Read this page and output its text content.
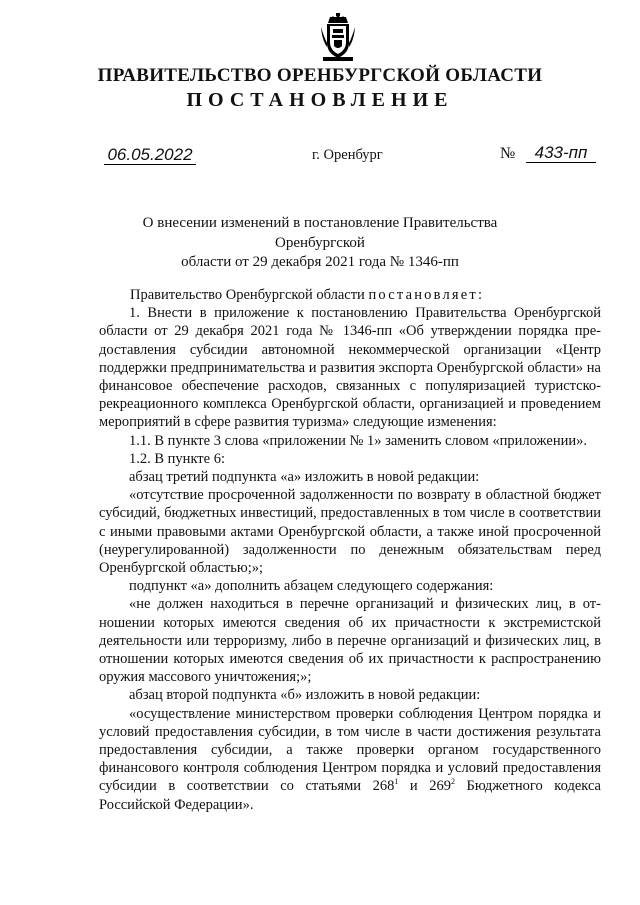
ПРАВИТЕЛЬСТВО ОРЕНБУРГСКОЙ ОБЛАСТИ
ПОСТАНОВЛЕНИЕ
06.05.2022	г. Оренбург	№	433-пп
О внесении изменений в постановление Правительства Оренбургской
области от 29 декабря 2021 года № 1346-пп

Правительство Оренбургской области постановляет:

1. Внести в приложение к постановлению Правительства Оренбургской области от 29 декабря 2021 года № 1346-пп «Об утверждении порядка предоставления субсидии автономной некоммерческой организации «Центр поддержки предпринимательства и развития экспорта Оренбургской области» на финансовое обеспечение расходов, связанных с популяризацией туристско-рекреационного комплекса Оренбургской области, организацией и проведением мероприятий в сфере развития туризма» следующие изменения:

1.1. В пункте 3 слова «приложении № 1» заменить словом «приложении».

1.2. В пункте 6:

абзац третий подпункта «а» изложить в новой редакции:

«отсутствие просроченной задолженности по возврату в областной бюджет субсидий, бюджетных инвестиций, предоставленных в том числе в соответствии с иными правовыми актами Оренбургской области, а также иной просроченной (неурегулированной) задолженности по денежным обязательствам перед Оренбургской областью;»;

подпункт «а» дополнить абзацем следующего содержания:

«не должен находиться в перечне организаций и физических лиц, в отношении которых имеются сведения об их причастности к экстремистской деятельности или терроризму, либо в перечне организаций и физических лиц, в отношении которых имеются сведения об их причастности к распространению оружия массового уничтожения;»;

абзац второй подпункта «б» изложить в новой редакции:

«осуществление министерством проверки соблюдения Центром порядка и условий предоставления субсидии, в том числе в части достижения результата предоставления субсидии, а также проверки органом государственного финансового контроля соблюдения Центром порядка и условий предоставления субсидии в соответствии со статьями $268^1$ и $269^2$ Бюджетного кодекса Российской Федерации».
